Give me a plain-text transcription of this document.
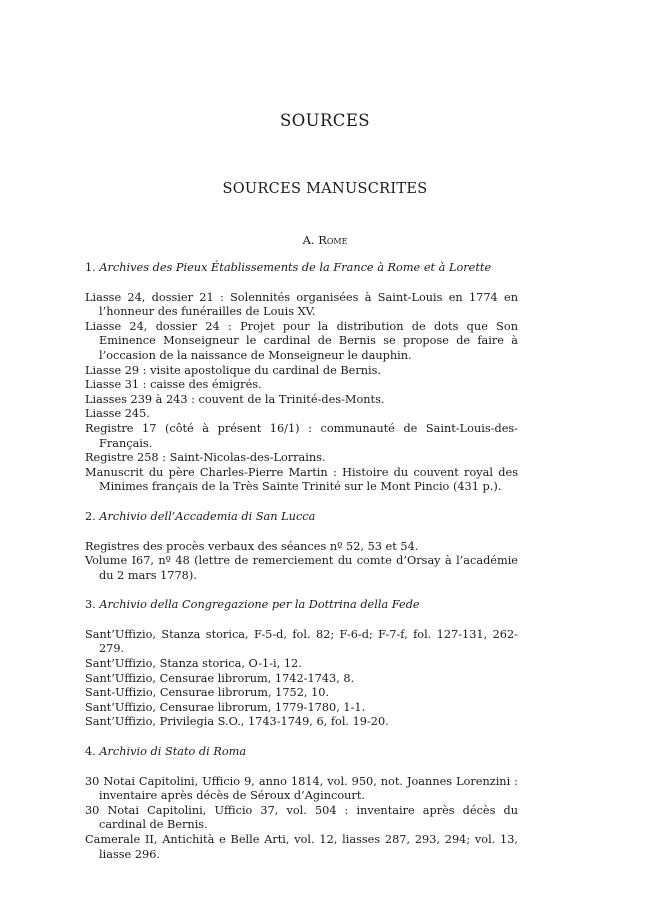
SOURCES
SOURCES MANUSCRITES
A. Rome

1. Archives des Pieux Établissements de la France à Rome et à Lorette

Liasse 24, dossier 21 : Solennités organisées à Saint-Louis en 1774 en l’honneur des funérailles de Louis XV.
Liasse 24, dossier 24 : Projet pour la distribution de dots que Son Eminence Monseigneur le cardinal de Bernis se propose de faire à l’occasion de la naissance de Monseigneur le dauphin.
Liasse 29 : visite apostolique du cardinal de Bernis.
Liasse 31 : caisse des émigrés.
Liasses 239 à 243 : couvent de la Trinité-des-Monts.
Liasse 245.
Registre 17 (côté à présent 16/1) : communauté de Saint-Louis-des-Français.
Registre 258 : Saint-Nicolas-des-Lorrains.
Manuscrit du père Charles-Pierre Martin : Histoire du couvent royal des Minimes français de la Très Sainte Trinité sur le Mont Pincio (431 p.).

2. Archivio dell’Accademia di San Lucca

Registres des procès verbaux des séances nº 52, 53 et 54.
Volume I67, nº 48 (lettre de remerciement du comte d’Orsay à l’académie du 2 mars 1778).

3. Archivio della Congregazione per la Dottrina della Fede

Sant’Uffizio, Stanza storica, F-5-d, fol. 82; F-6-d; F-7-f, fol. 127-131, 262-279.
Sant’Uffizio, Stanza storica, O-1-i, 12.
Sant’Uffizio, Censurae librorum, 1742-1743, 8.
Sant-Uffizio, Censurae librorum, 1752, 10.
Sant’Uffizio, Censurae librorum, 1779-1780, 1-1.
Sant’Uffizio, Privilegia S.O., 1743-1749, 6, fol. 19-20.

4. Archivio di Stato di Roma

30 Notai Capitolini, Ufficio 9, anno 1814, vol. 950, not. Joannes Lorenzini : inventaire après décès de Séroux d’Agincourt.
30 Notai Capitolini, Ufficio 37, vol. 504 : inventaire après décès du cardinal de Bernis.
Camerale II, Antichità e Belle Arti, vol. 12, liasses 287, 293, 294; vol. 13, liasse 296.
